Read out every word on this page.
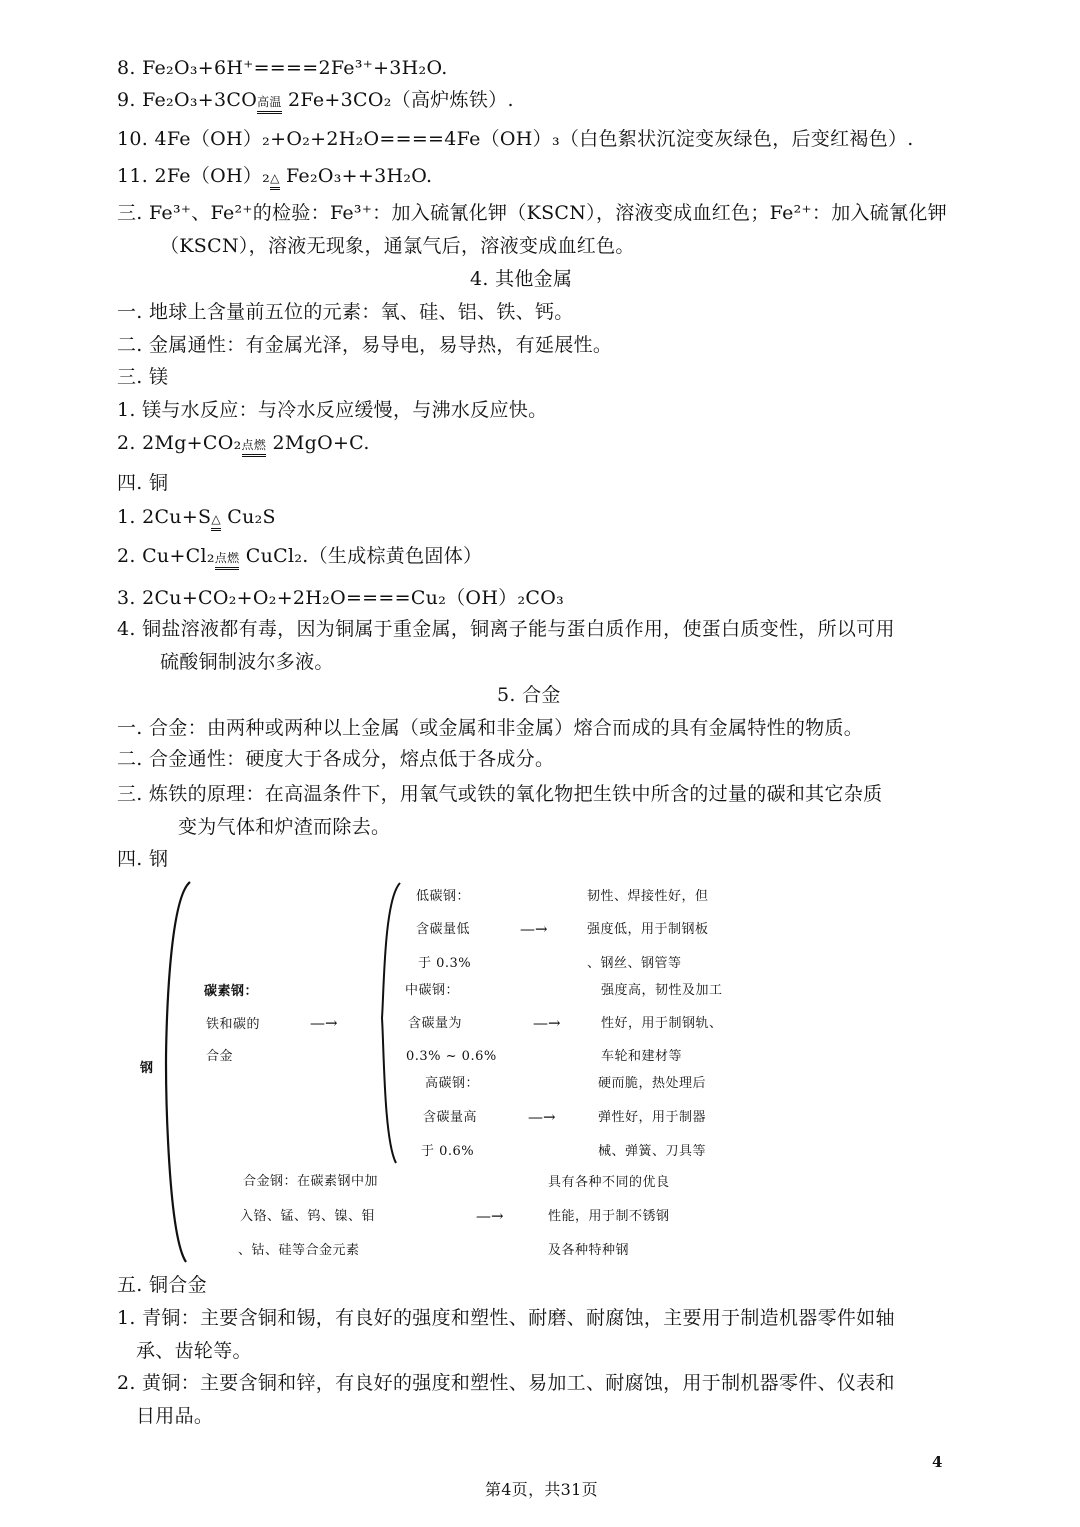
8. Fe₂O₃+6H⁺====2Fe³⁺+3H₂O.
9. Fe₂O₃+3CO高温 2Fe+3CO₂（高炉炼铁）.
10. 4Fe（OH）₂+O₂+2H₂O====4Fe（OH）₃（白色絮状沉淀变灰绿色，后变红褐色）.
11. 2Fe（OH）₂△ Fe₂O₃++3H₂O.
三. Fe³⁺、Fe²⁺的检验：Fe³⁺：加入硫氰化钾（KSCN），溶液变成血红色；Fe²⁺：加入硫氰化钾
（KSCN），溶液无现象，通氯气后，溶液变成血红色。
4. 其他金属
一. 地球上含量前五位的元素：氧、硅、铝、铁、钙。
二. 金属通性：有金属光泽，易导电，易导热，有延展性。
三. 镁
1. 镁与水反应：与冷水反应缓慢，与沸水反应快。
2. 2Mg+CO₂点燃 2MgO+C.
四. 铜
1. 2Cu+S△ Cu₂S
2. Cu+Cl₂点燃 CuCl₂.（生成棕黄色固体）
3. 2Cu+CO₂+O₂+2H₂O====Cu₂（OH）₂CO₃
4. 铜盐溶液都有毒，因为铜属于重金属，铜离子能与蛋白质作用，使蛋白质变性，所以可用
硫酸铜制波尔多液。
5. 合金
一. 合金：由两种或两种以上金属（或金属和非金属）熔合而成的具有金属特性的物质。
二. 合金通性：硬度大于各成分，熔点低于各成分。
三. 炼铁的原理：在高温条件下，用氧气或铁的氧化物把生铁中所含的过量的碳和其它杂质
变为气体和炉渣而除去。
四. 钢
钢
碳素钢：
铁和碳的
合金
—→
低碳钢：
含碳量低
于 0.3%
—→
韧性、焊接性好，但
强度低，用于制钢板
、钢丝、钢管等
中碳钢：
含碳量为
0.3% ~ 0.6%
—→
强度高，韧性及加工
性好，用于制钢轨、
车轮和建材等
高碳钢：
含碳量高
于 0.6%
—→
硬而脆，热处理后
弹性好，用于制器
械、弹簧、刀具等
合金钢：在碳素钢中加
入铬、锰、钨、镍、钼
、钴、硅等合金元素
—→
具有各种不同的优良
性能，用于制不锈钢
及各种特种钢
五. 铜合金
1. 青铜：主要含铜和锡，有良好的强度和塑性、耐磨、耐腐蚀，主要用于制造机器零件如轴
承、齿轮等。
2. 黄铜：主要含铜和锌，有良好的强度和塑性、易加工、耐腐蚀，用于制机器零件、仪表和
日用品。
4
第4页，共31页
